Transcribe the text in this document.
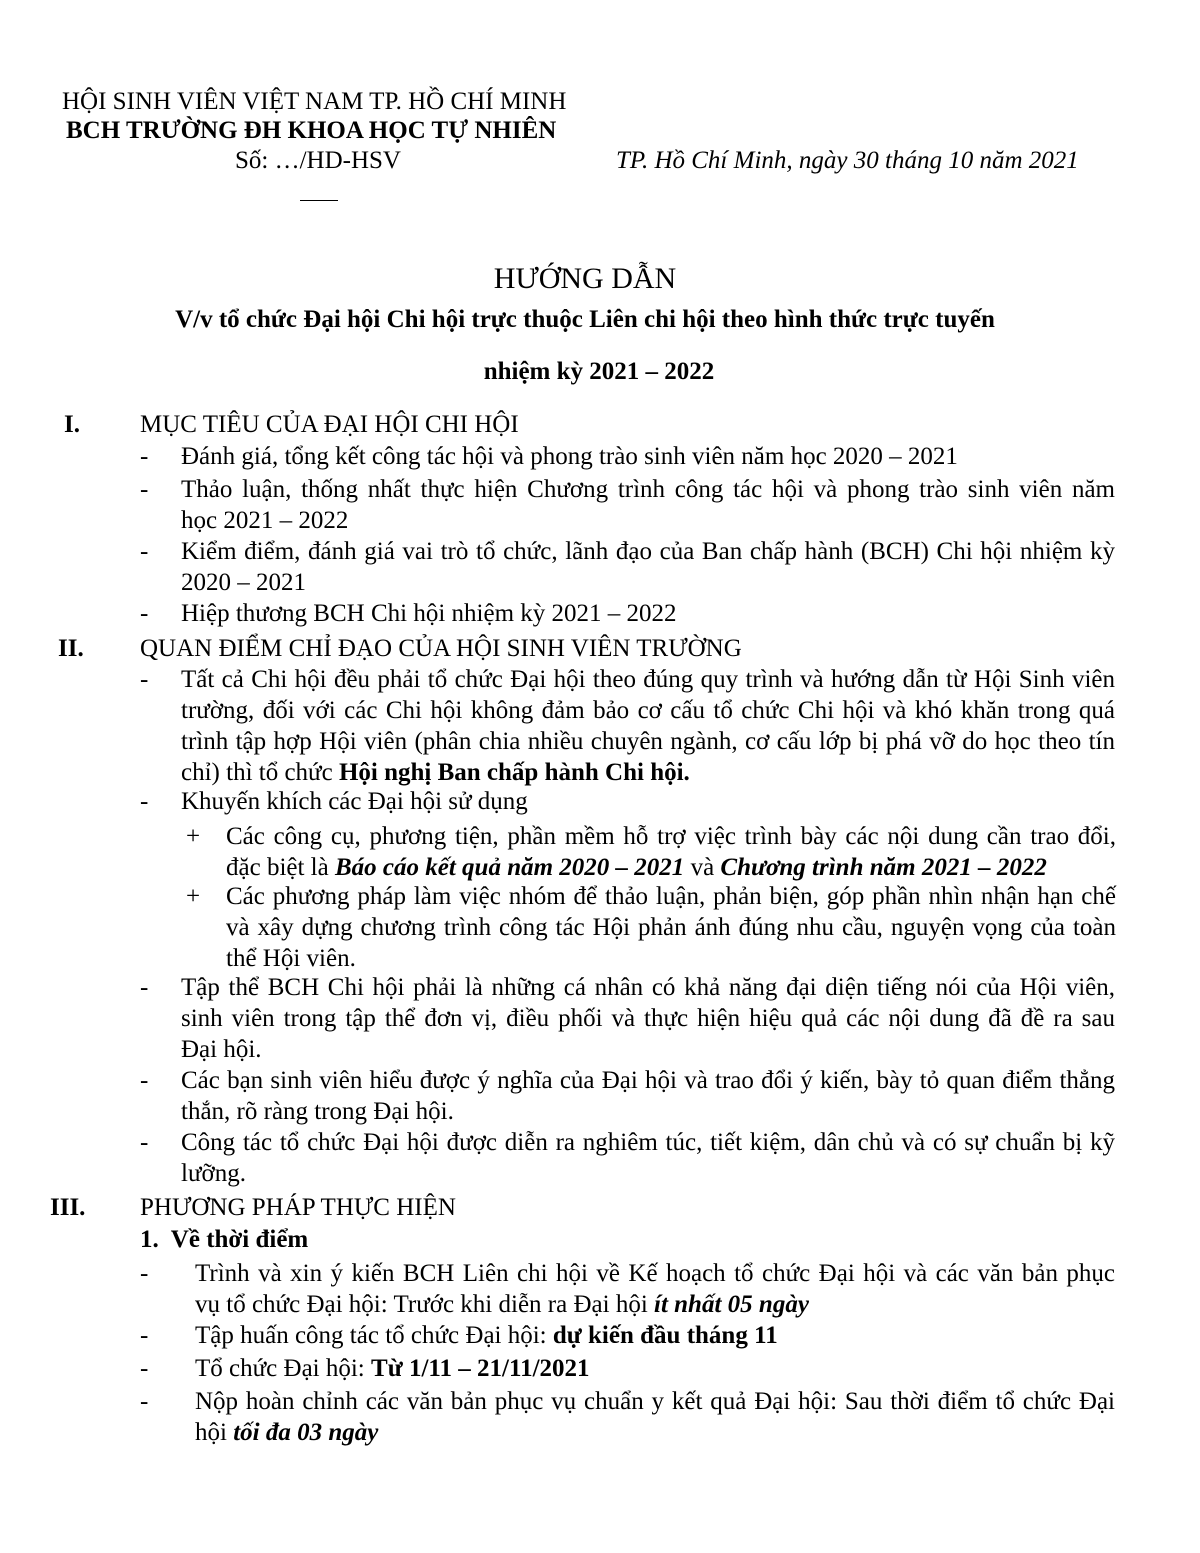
HỘI SINH VIÊN VIỆT NAM TP. HỒ CHÍ MINH
BCH TRƯỜNG ĐH KHOA HỌC TỰ NHIÊN
Số: …/HD-HSV	TP. Hồ Chí Minh, ngày 30 tháng 10 năm 2021
HƯỚNG DẪN
V/v tổ chức Đại hội Chi hội trực thuộc Liên chi hội theo hình thức trực tuyến
nhiệm kỳ 2021 – 2022
I. MỤC TIÊU CỦA ĐẠI HỘI CHI HỘI
- Đánh giá, tổng kết công tác hội và phong trào sinh viên năm học 2020 – 2021
- Thảo luận, thống nhất thực hiện Chương trình công tác hội và phong trào sinh viên năm
học 2021 – 2022
- Kiểm điểm, đánh giá vai trò tổ chức, lãnh đạo của Ban chấp hành (BCH) Chi hội nhiệm kỳ
2020 – 2021
- Hiệp thương BCH Chi hội nhiệm kỳ 2021 – 2022
II. QUAN ĐIỂM CHỈ ĐẠO CỦA HỘI SINH VIÊN TRƯỜNG
- Tất cả Chi hội đều phải tổ chức Đại hội theo đúng quy trình và hướng dẫn từ Hội Sinh viên
trường, đối với các Chi hội không đảm bảo cơ cấu tổ chức Chi hội và khó khăn trong quá
trình tập hợp Hội viên (phân chia nhiều chuyên ngành, cơ cấu lớp bị phá vỡ do học theo tín
chỉ) thì tổ chức Hội nghị Ban chấp hành Chi hội.
- Khuyến khích các Đại hội sử dụng
+ Các công cụ, phương tiện, phần mềm hỗ trợ việc trình bày các nội dung cần trao đổi,
đặc biệt là Báo cáo kết quả năm 2020 – 2021 và Chương trình năm 2021 – 2022
+ Các phương pháp làm việc nhóm để thảo luận, phản biện, góp phần nhìn nhận hạn chế
và xây dựng chương trình công tác Hội phản ánh đúng nhu cầu, nguyện vọng của toàn
thể Hội viên.
- Tập thể BCH Chi hội phải là những cá nhân có khả năng đại diện tiếng nói của Hội viên,
sinh viên trong tập thể đơn vị, điều phối và thực hiện hiệu quả các nội dung đã đề ra sau
Đại hội.
- Các bạn sinh viên hiểu được ý nghĩa của Đại hội và trao đổi ý kiến, bày tỏ quan điểm thẳng
thắn, rõ ràng trong Đại hội.
- Công tác tổ chức Đại hội được diễn ra nghiêm túc, tiết kiệm, dân chủ và có sự chuẩn bị kỹ
lưỡng.
III. PHƯƠNG PHÁP THỰC HIỆN
1.  Về thời điểm
- Trình và xin ý kiến BCH Liên chi hội về Kế hoạch tổ chức Đại hội và các văn bản phục
vụ tổ chức Đại hội: Trước khi diễn ra Đại hội ít nhất 05 ngày
- Tập huấn công tác tổ chức Đại hội: dự kiến đầu tháng 11
- Tổ chức Đại hội: Từ 1/11 – 21/11/2021
- Nộp hoàn chỉnh các văn bản phục vụ chuẩn y kết quả Đại hội: Sau thời điểm tổ chức Đại
hội tối đa 03 ngày
